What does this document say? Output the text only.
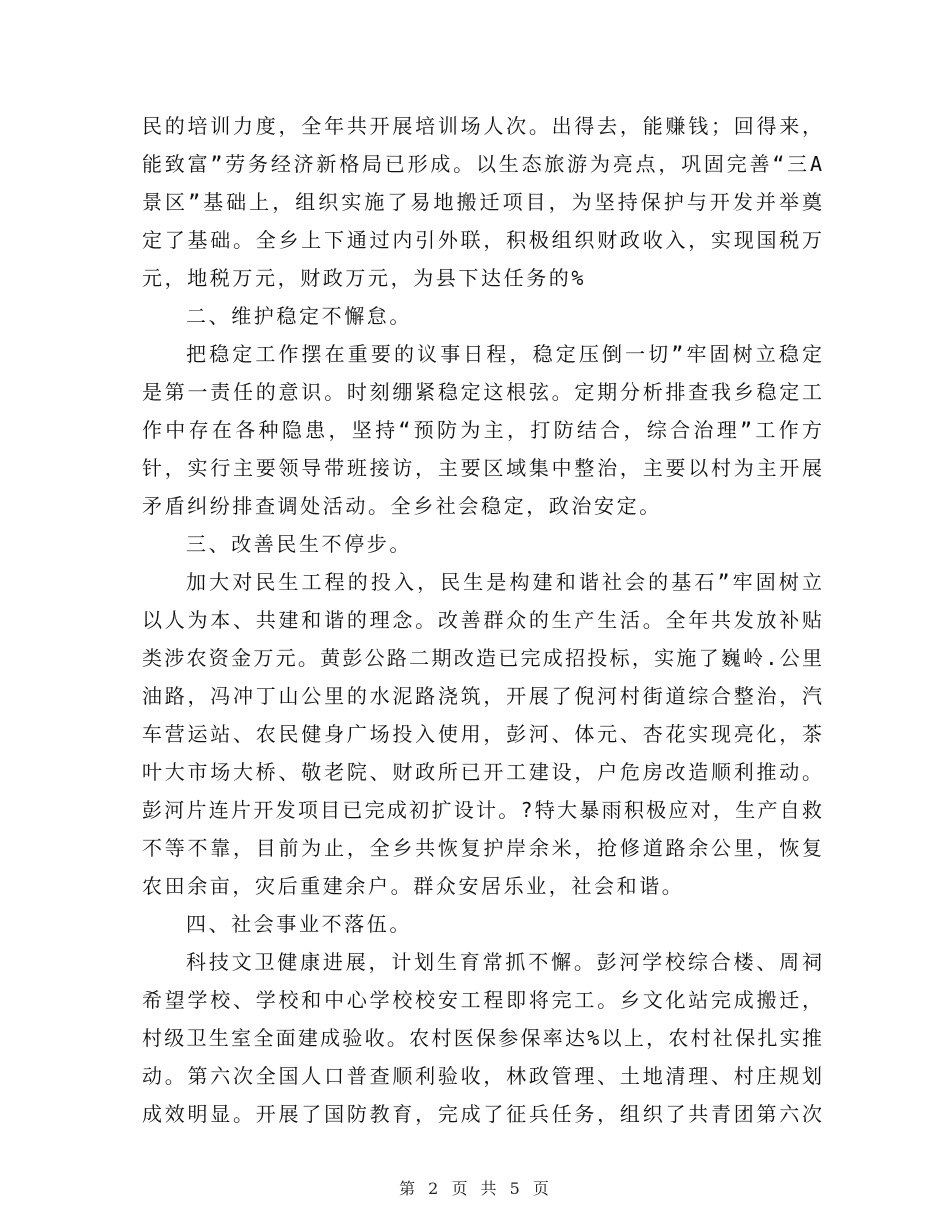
民的培训力度，全年共开展培训场人次。出得去，能赚钱；回得来，
能致富”劳务经济新格局已形成。以生态旅游为亮点，巩固完善“三A
景区”基础上，组织实施了易地搬迁项目，为坚持保护与开发并举奠
定了基础。全乡上下通过内引外联，积极组织财政收入，实现国税万
元，地税万元，财政万元，为县下达任务的%
二、维护稳定不懈怠。
把稳定工作摆在重要的议事日程，稳定压倒一切”牢固树立稳定
是第一责任的意识。时刻绷紧稳定这根弦。定期分析排查我乡稳定工
作中存在各种隐患，坚持“预防为主，打防结合，综合治理”工作方
针，实行主要领导带班接访，主要区域集中整治，主要以村为主开展
矛盾纠纷排查调处活动。全乡社会稳定，政治安定。
三、改善民生不停步。
加大对民生工程的投入，民生是构建和谐社会的基石”牢固树立
以人为本、共建和谐的理念。改善群众的生产生活。全年共发放补贴
类涉农资金万元。黄彭公路二期改造已完成招投标，实施了巍岭.公里
油路，冯冲丁山公里的水泥路浇筑，开展了倪河村街道综合整治，汽
车营运站、农民健身广场投入使用，彭河、体元、杏花实现亮化，茶
叶大市场大桥、敬老院、财政所已开工建设，户危房改造顺利推动。
彭河片连片开发项目已完成初扩设计。?特大暴雨积极应对，生产自救
不等不靠，目前为止，全乡共恢复护岸余米，抢修道路余公里，恢复
农田余亩，灾后重建余户。群众安居乐业，社会和谐。
四、社会事业不落伍。
科技文卫健康进展，计划生育常抓不懈。彭河学校综合楼、周祠
希望学校、学校和中心学校校安工程即将完工。乡文化站完成搬迁，
村级卫生室全面建成验收。农村医保参保率达%以上，农村社保扎实推
动。第六次全国人口普查顺利验收，林政管理、土地清理、村庄规划
成效明显。开展了国防教育，完成了征兵任务，组织了共青团第六次
第 2 页 共 5 页
